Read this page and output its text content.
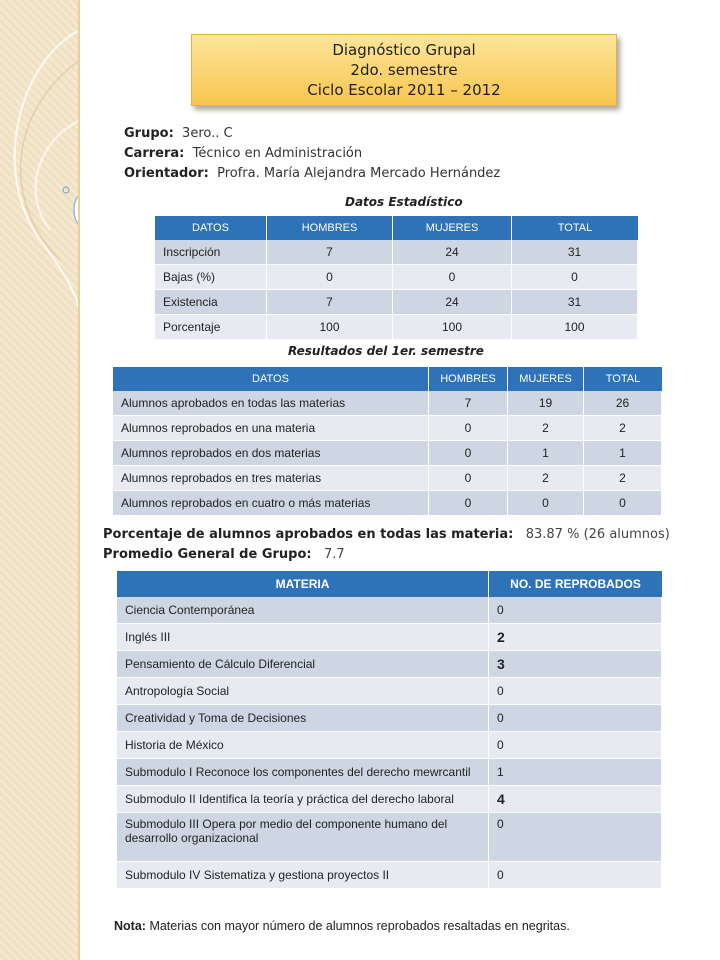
Diagnóstico Grupal
2do. semestre
Ciclo Escolar 2011 – 2012
Grupo: 3ero.. C
Carrera: Técnico en Administración
Orientador: Profra. María Alejandra Mercado Hernández
Datos Estadístico
DATOS	HOMBRES	MUJERES	TOTAL
Inscripción	7	24	31
Bajas (%)	0	0	0
Existencia	7	24	31
Porcentaje	100	100	100
Resultados del 1er. semestre
DATOS	HOMBRES	MUJERES	TOTAL
Alumnos aprobados en todas las materias	7	19	26
Alumnos reprobados en una materia	0	2	2
Alumnos reprobados en dos materias	0	1	1
Alumnos reprobados en tres materias	0	2	2
Alumnos reprobados en cuatro o más materias	0	0	0
Porcentaje de alumnos aprobados en todas las materia: 83.87 % (26 alumnos)
Promedio General de Grupo: 7.7
MATERIA	NO. DE REPROBADOS
Ciencia Contemporánea	0
Inglés III	2
Pensamiento de Cálculo Diferencial	3
Antropología Social	0
Creatividad y Toma de Decisiones	0
Historia de México	0
Submodulo I Reconoce los componentes del derecho mewrcantil	1
Submodulo II Identifica la teoría y práctica del derecho laboral	4
Submodulo III Opera por medio del componente humano del desarrollo organizacional	0
Submodulo IV Sistematiza y gestiona proyectos II	0
Nota: Materias con mayor número de alumnos reprobados resaltadas en negritas.
